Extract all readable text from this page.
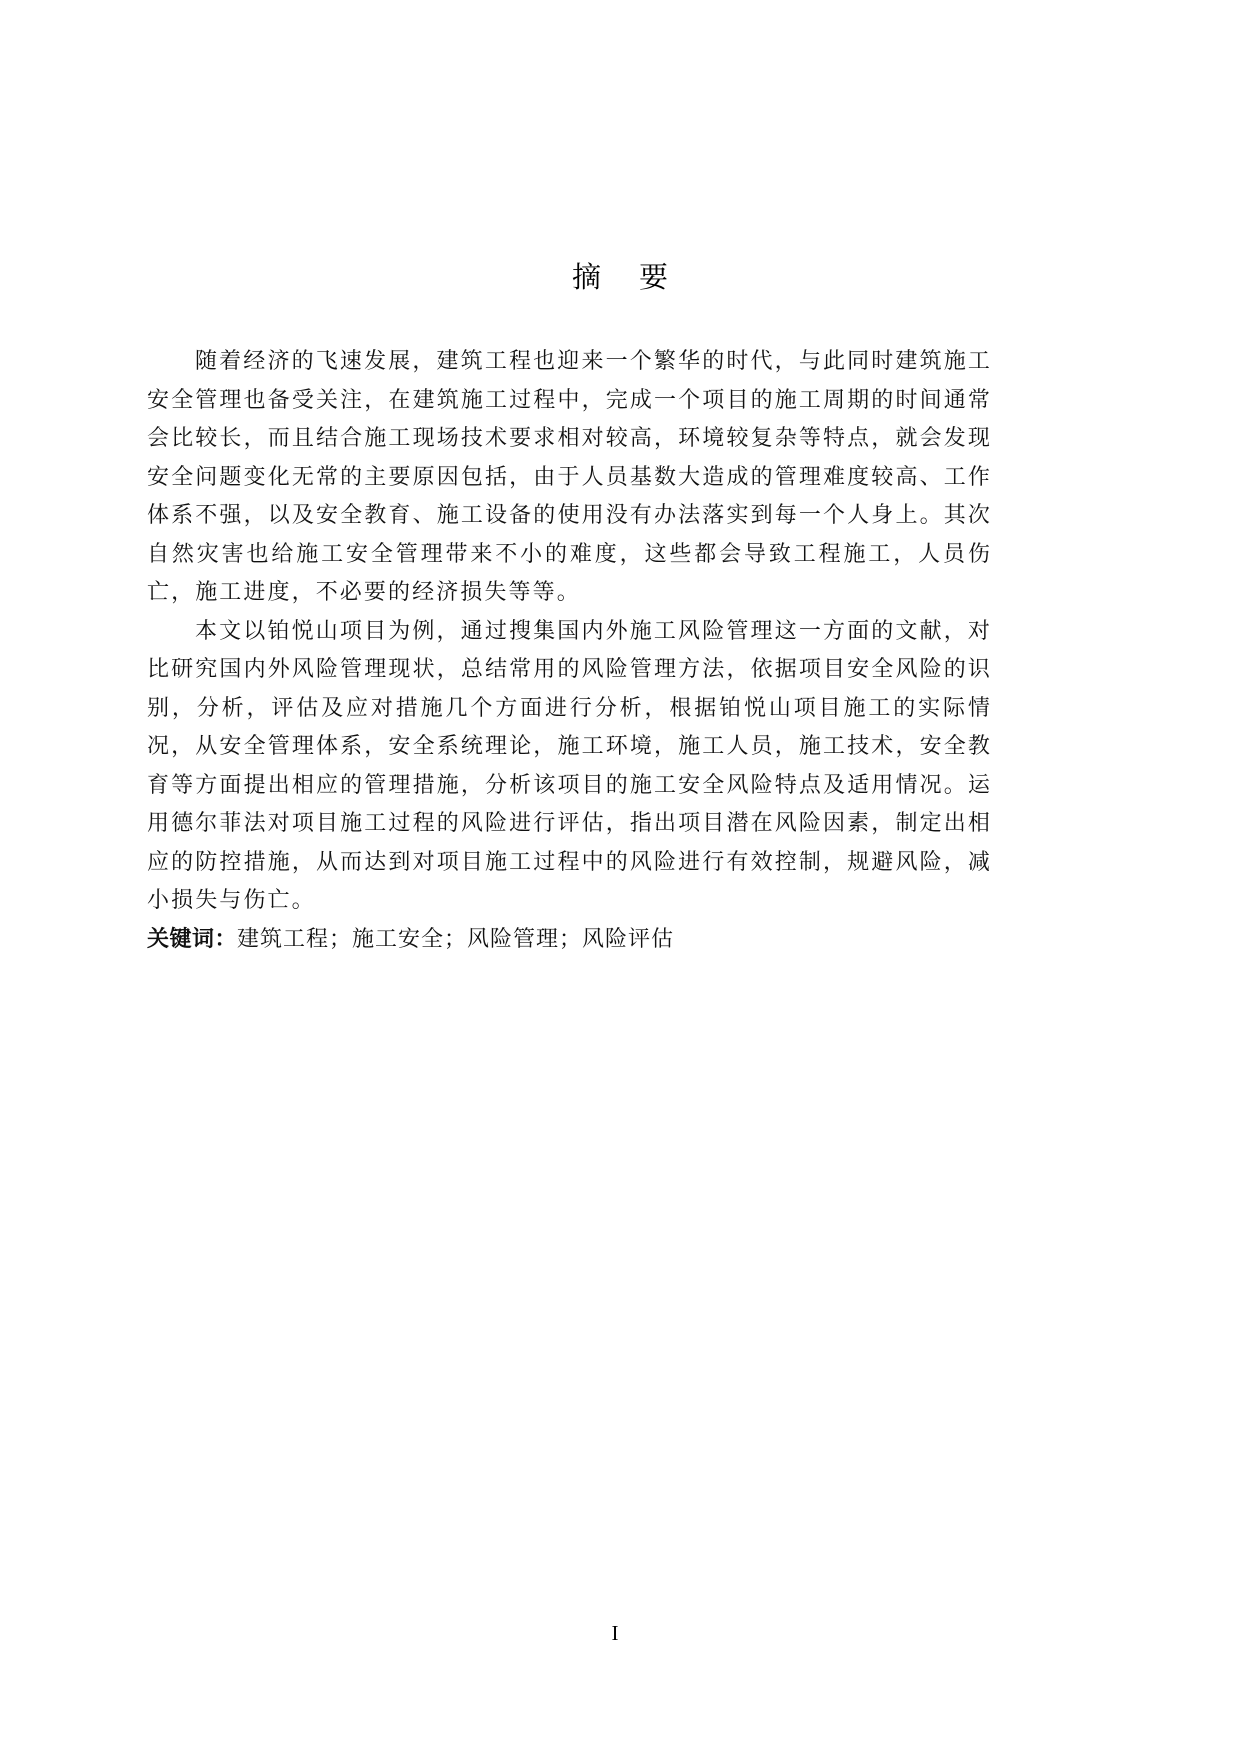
摘要

随着经济的飞速发展，建筑工程也迎来一个繁华的时代，与此同时建筑施工安全管理也备受关注，在建筑施工过程中，完成一个项目的施工周期的时间通常会比较长，而且结合施工现场技术要求相对较高，环境较复杂等特点，就会发现安全问题变化无常的主要原因包括，由于人员基数大造成的管理难度较高、工作体系不强，以及安全教育、施工设备的使用没有办法落实到每一个人身上。其次自然灾害也给施工安全管理带来不小的难度，这些都会导致工程施工，人员伤亡，施工进度，不必要的经济损失等等。

本文以铂悦山项目为例，通过搜集国内外施工风险管理这一方面的文献，对比研究国内外风险管理现状，总结常用的风险管理方法，依据项目安全风险的识别，分析，评估及应对措施几个方面进行分析，根据铂悦山项目施工的实际情况，从安全管理体系，安全系统理论，施工环境，施工人员，施工技术，安全教育等方面提出相应的管理措施，分析该项目的施工安全风险特点及适用情况。运用德尔菲法对项目施工过程的风险进行评估，指出项目潜在风险因素，制定出相应的防控措施，从而达到对项目施工过程中的风险进行有效控制，规避风险，减小损失与伤亡。

关键词：建筑工程；施工安全；风险管理；风险评估

I
